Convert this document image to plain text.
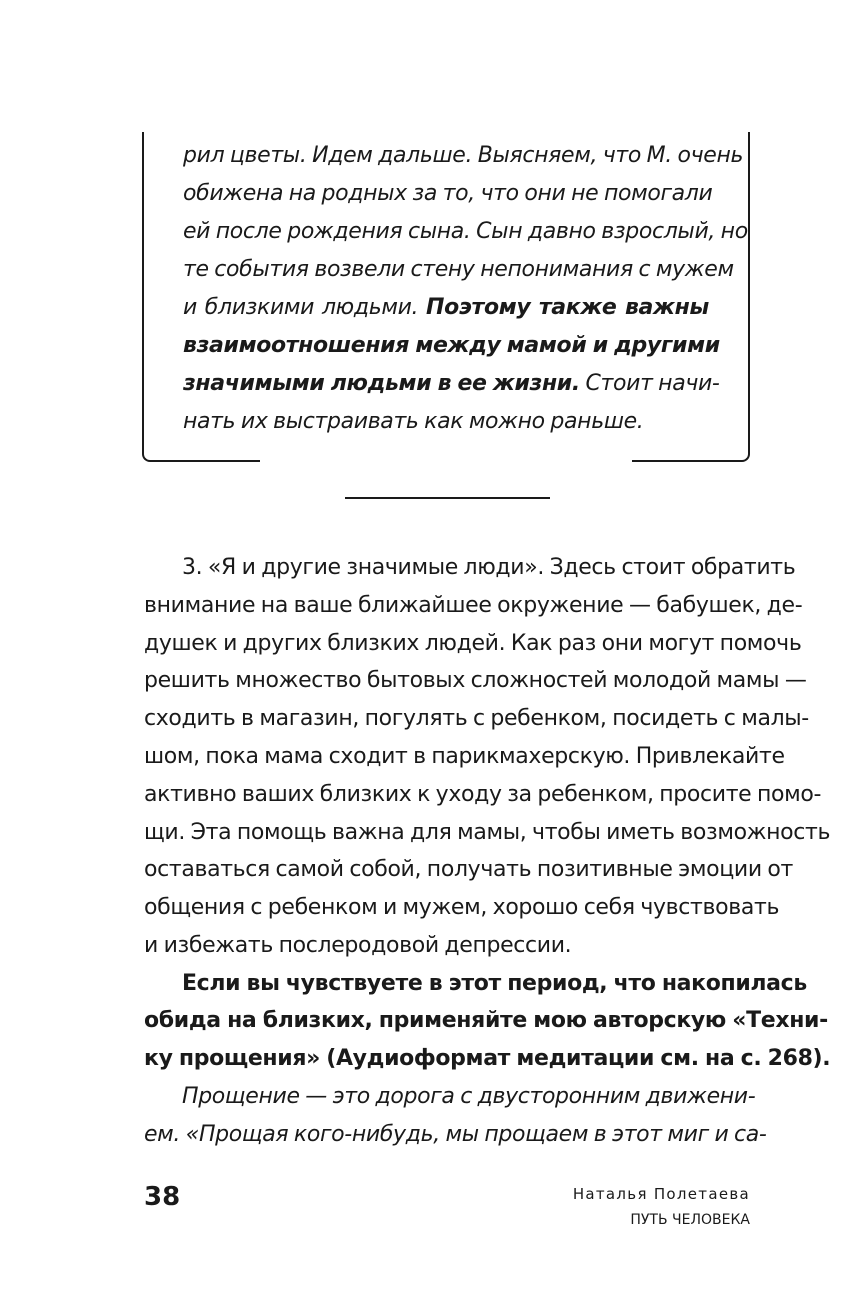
рил цветы. Идем дальше. Выясняем, что М. очень
обижена на родных за то, что они не помогали
ей после рождения сына. Сын давно взрослый, но
те события возвели стену непонимания с мужем
и близкими людьми. Поэтому также важны
взаимоотношения между мамой и другими
значимыми людьми в ее жизни. Стоит начи-
нать их выстраивать как можно раньше.
3. «Я и другие значимые люди». Здесь стоит обратить
внимание на ваше ближайшее окружение — бабушек, де-
душек и других близких людей. Как раз они могут помочь
решить множество бытовых сложностей молодой мамы —
сходить в магазин, погулять с ребенком, посидеть с малы-
шом, пока мама сходит в парикмахерскую. Привлекайте
активно ваших близких к уходу за ребенком, просите помо-
щи. Эта помощь важна для мамы, чтобы иметь возможность
оставаться самой собой, получать позитивные эмоции от
общения с ребенком и мужем, хорошо себя чувствовать
и избежать послеродовой депрессии.
Если вы чувствуете в этот период, что накопилась
обида на близких, применяйте мою авторскую «Техни-
ку прощения» (Аудиоформат медитации см. на с. 268).
Прощение — это дорога с двусторонним движени-
ем. «Прощая кого-нибудь, мы прощаем в этот миг и са-
38	Наталья Полетаева
ПУТЬ ЧЕЛОВЕКА
